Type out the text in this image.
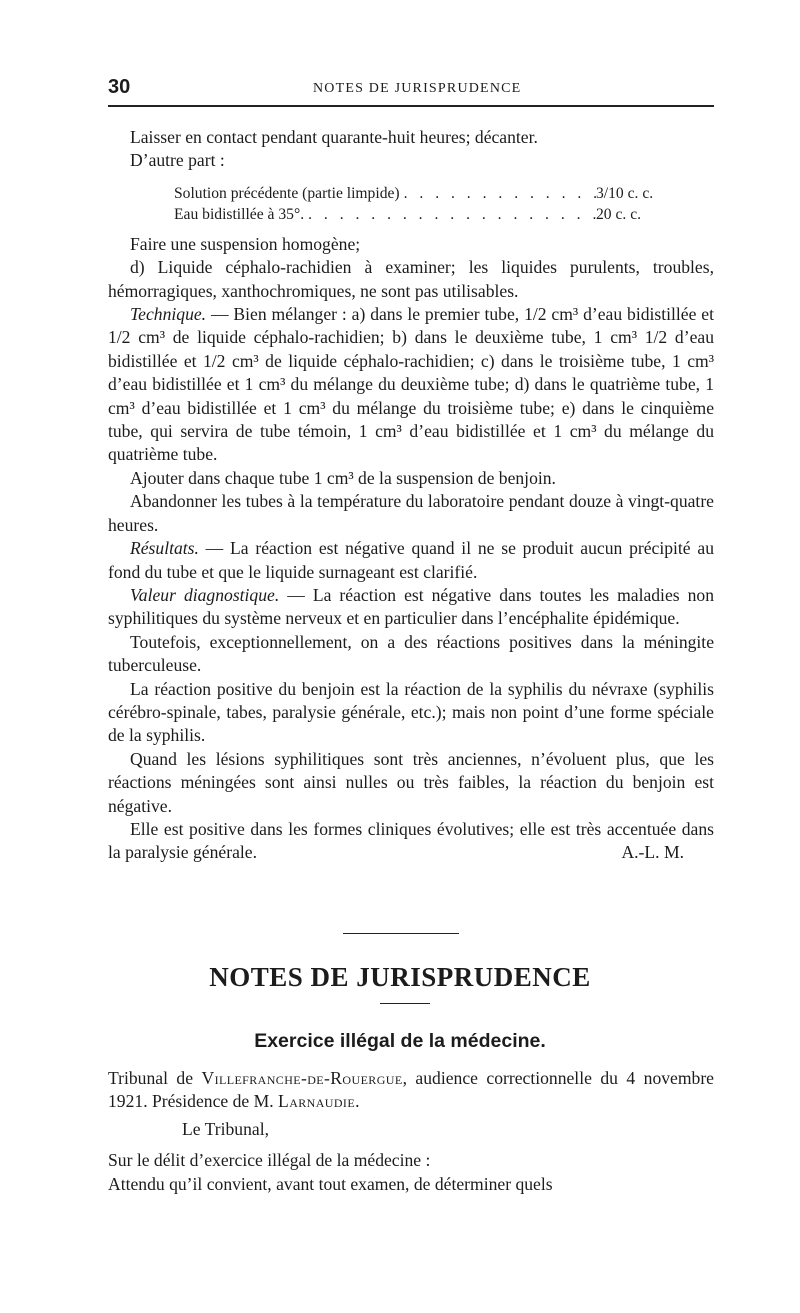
30	NOTES DE JURISPRUDENCE

Laisser en contact pendant quarante-huit heures; décanter.

D’autre part :

Solution précédente (partie limpide) . . .	3/10 c. c.
Eau bidistillée à 35°. . . .	20 c. c.

Faire une suspension homogène;

d) Liquide céphalo-rachidien à examiner; les liquides purulents, troubles, hémorragiques, xanthochromiques, ne sont pas utilisables.

Technique. — Bien mélanger : a) dans le premier tube, 1/2 cm³ d’eau bidistillée et 1/2 cm³ de liquide céphalo-rachidien; b) dans le deuxième tube, 1 cm³ 1/2 d’eau bidistillée et 1/2 cm³ de liquide céphalo-rachidien; c) dans le troisième tube, 1 cm³ d’eau bidistillée et 1 cm³ du mélange du deuxième tube; d) dans le quatrième tube, 1 cm³ d’eau bidistillée et 1 cm³ du mélange du troisième tube; e) dans le cinquième tube, qui servira de tube témoin, 1 cm³ d’eau bidistillée et 1 cm³ du mélange du quatrième tube.

Ajouter dans chaque tube 1 cm³ de la suspension de benjoin.

Abandonner les tubes à la température du laboratoire pendant douze à vingt-quatre heures.

Résultats. — La réaction est négative quand il ne se produit aucun précipité au fond du tube et que le liquide surnageant est clarifié.

Valeur diagnostique. — La réaction est négative dans toutes les maladies non syphilitiques du système nerveux et en particulier dans l’encéphalite épidémique.

Toutefois, exceptionnellement, on a des réactions positives dans la méningite tuberculeuse.

La réaction positive du benjoin est la réaction de la syphilis du névraxe (syphilis cérébro-spinale, tabes, paralysie générale, etc.); mais non point d’une forme spéciale de la syphilis.

Quand les lésions syphilitiques sont très anciennes, n’évoluent plus, que les réactions méningées sont ainsi nulles ou très faibles, la réaction du benjoin est négative.

Elle est positive dans les formes cliniques évolutives; elle est très accentuée dans la paralysie générale.	A.-L. M.

NOTES DE JURISPRUDENCE
Exercice illégal de la médecine.

Tribunal de Villefranche-de-Rouergue, audience correctionnelle du 4 novembre 1921. Présidence de M. Larnaudie.

Le Tribunal,

Sur le délit d’exercice illégal de la médecine :

Attendu qu’il convient, avant tout examen, de déterminer quels
